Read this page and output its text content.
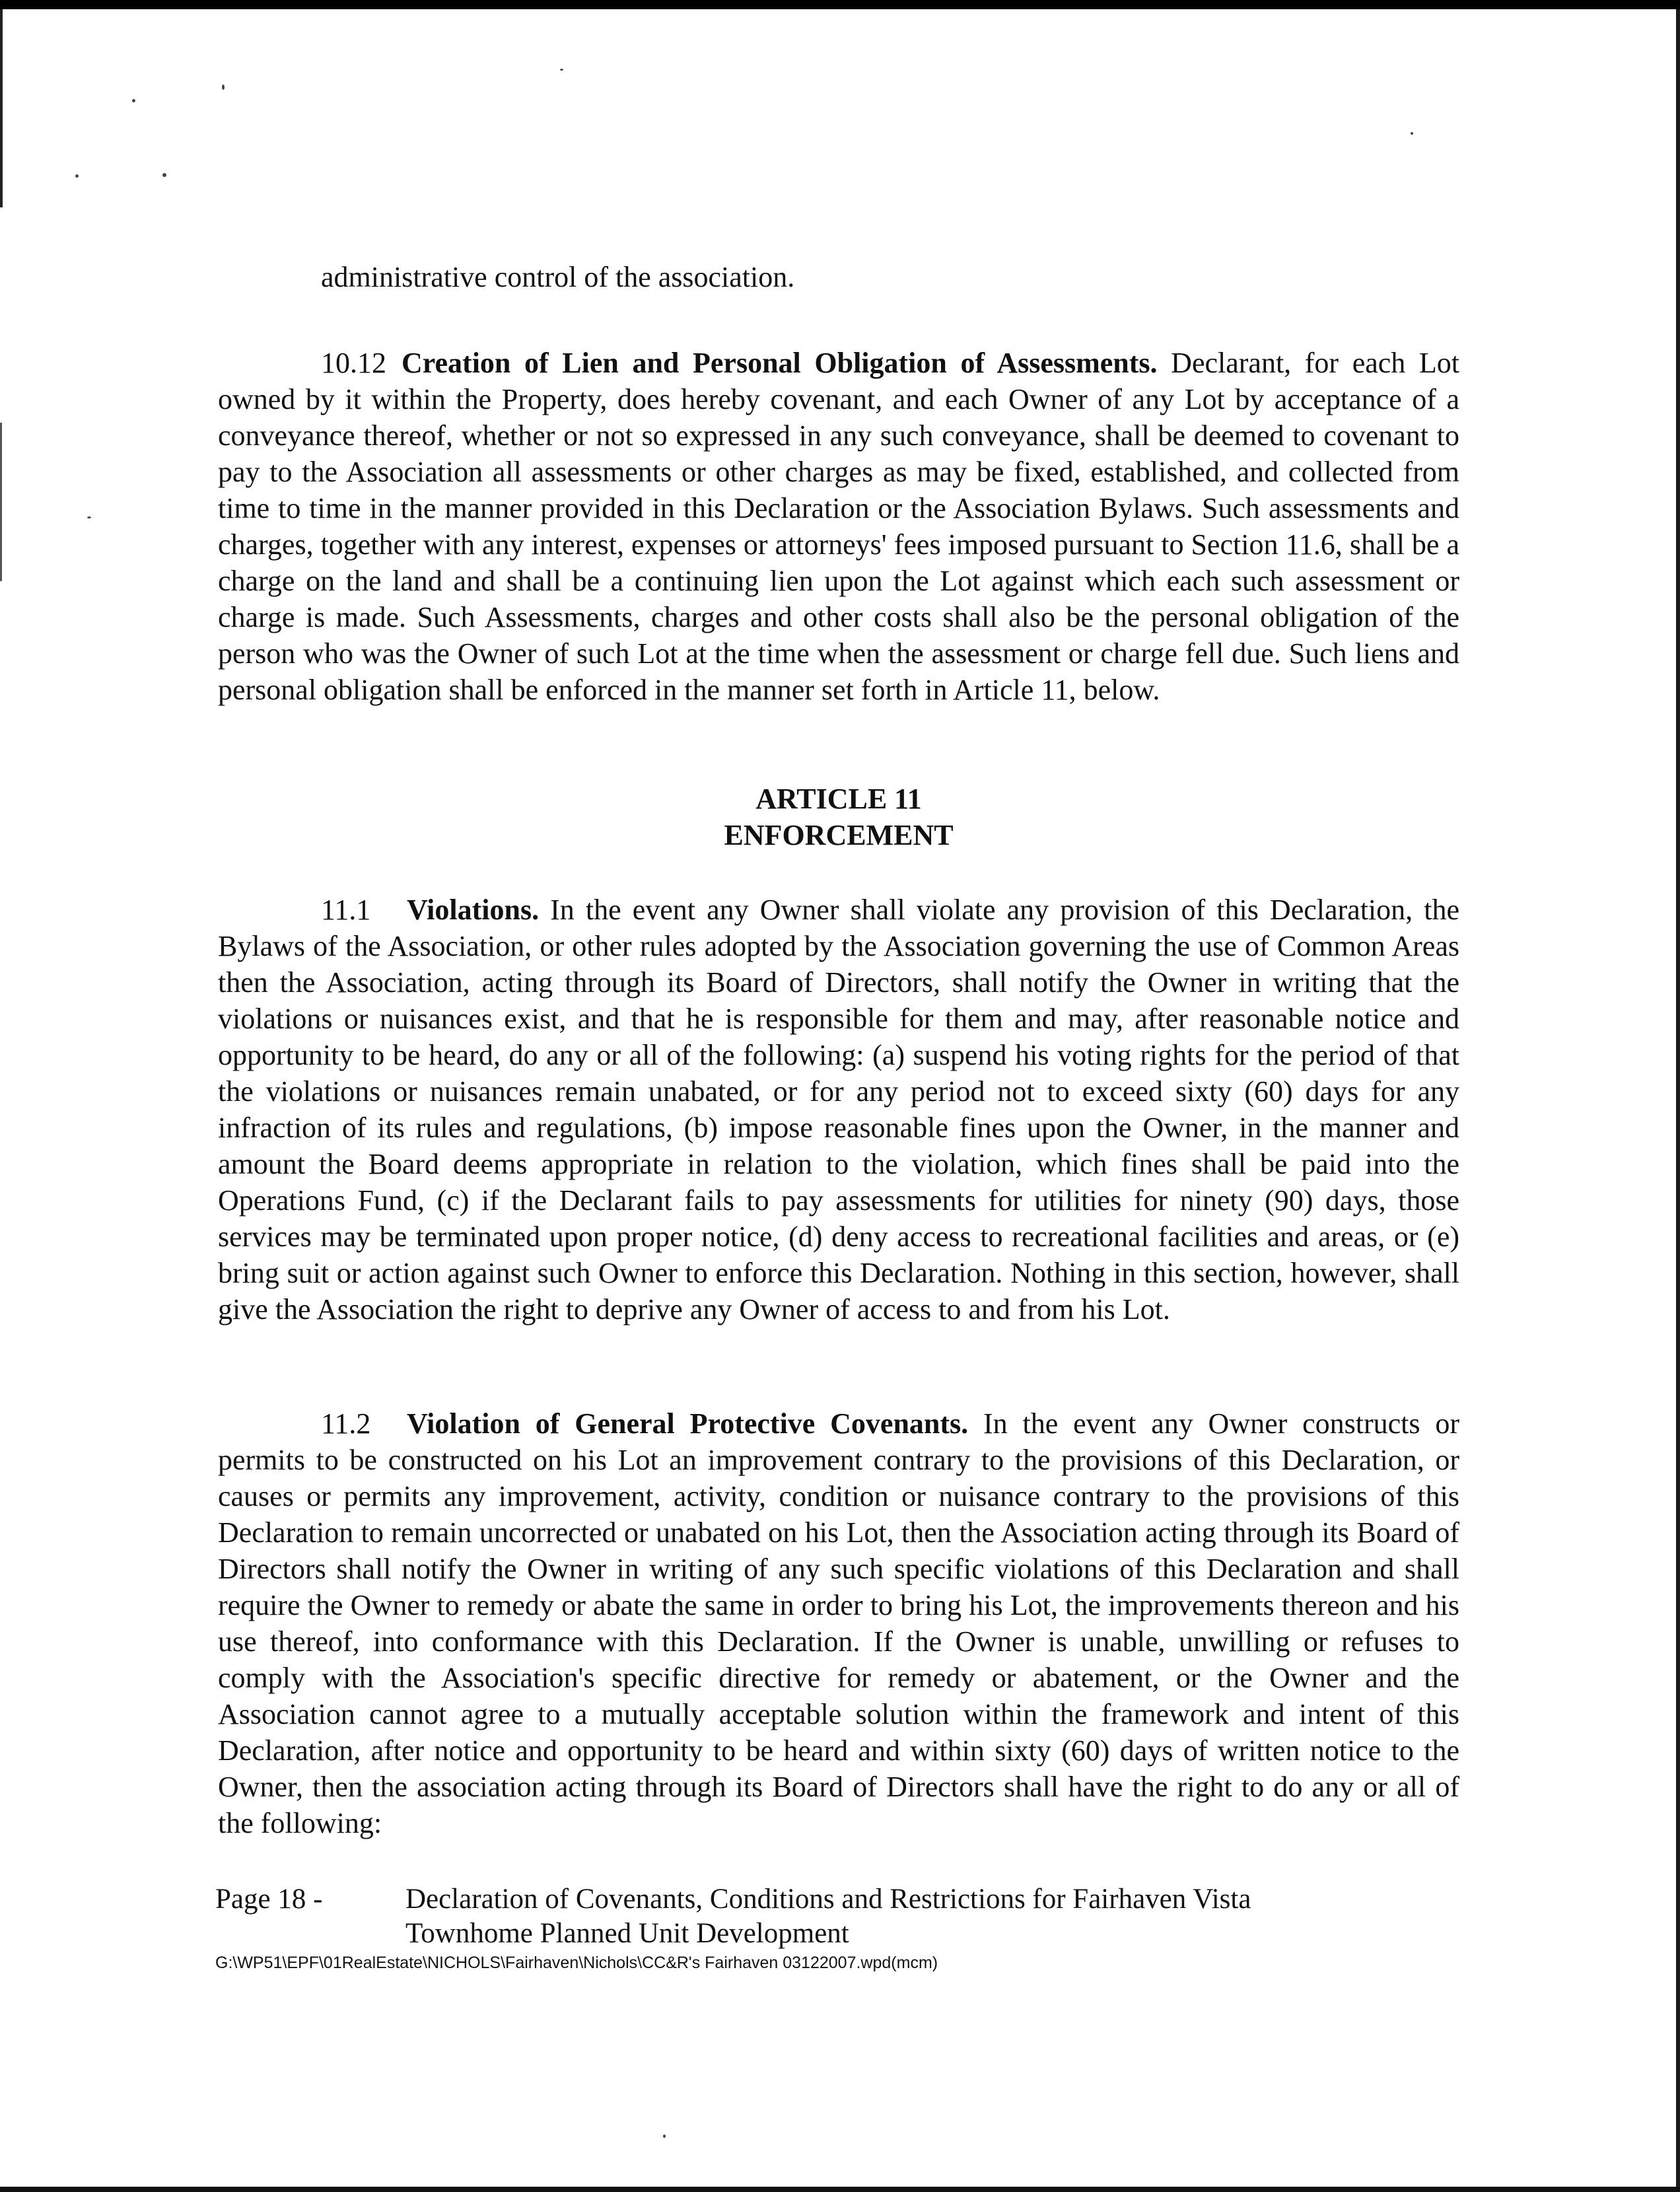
administrative control of the association.

10.12 Creation of Lien and Personal Obligation of Assessments. Declarant, for each Lot owned by it within the Property, does hereby covenant, and each Owner of any Lot by acceptance of a conveyance thereof, whether or not so expressed in any such conveyance, shall be deemed to covenant to pay to the Association all assessments or other charges as may be fixed, established, and collected from time to time in the manner provided in this Declaration or the Association Bylaws. Such assessments and charges, together with any interest, expenses or attorneys' fees imposed pursuant to Section 11.6, shall be a charge on the land and shall be a continuing lien upon the Lot against which each such assessment or charge is made. Such Assessments, charges and other costs shall also be the personal obligation of the person who was the Owner of such Lot at the time when the assessment or charge fell due. Such liens and personal obligation shall be enforced in the manner set forth in Article 11, below.

ARTICLE 11
ENFORCEMENT

11.1 Violations. In the event any Owner shall violate any provision of this Declaration, the Bylaws of the Association, or other rules adopted by the Association governing the use of Common Areas then the Association, acting through its Board of Directors, shall notify the Owner in writing that the violations or nuisances exist, and that he is responsible for them and may, after reasonable notice and opportunity to be heard, do any or all of the following: (a) suspend his voting rights for the period of that the violations or nuisances remain unabated, or for any period not to exceed sixty (60) days for any infraction of its rules and regulations, (b) impose reasonable fines upon the Owner, in the manner and amount the Board deems appropriate in relation to the violation, which fines shall be paid into the Operations Fund, (c) if the Declarant fails to pay assessments for utilities for ninety (90) days, those services may be terminated upon proper notice, (d) deny access to recreational facilities and areas, or (e) bring suit or action against such Owner to enforce this Declaration. Nothing in this section, however, shall give the Association the right to deprive any Owner of access to and from his Lot.

11.2 Violation of General Protective Covenants. In the event any Owner constructs or permits to be constructed on his Lot an improvement contrary to the provisions of this Declaration, or causes or permits any improvement, activity, condition or nuisance contrary to the provisions of this Declaration to remain uncorrected or unabated on his Lot, then the Association acting through its Board of Directors shall notify the Owner in writing of any such specific violations of this Declaration and shall require the Owner to remedy or abate the same in order to bring his Lot, the improvements thereon and his use thereof, into conformance with this Declaration. If the Owner is unable, unwilling or refuses to comply with the Association's specific directive for remedy or abatement, or the Owner and the Association cannot agree to a mutually acceptable solution within the framework and intent of this Declaration, after notice and opportunity to be heard and within sixty (60) days of written notice to the Owner, then the association acting through its Board of Directors shall have the right to do any or all of the following:

Page 18 -	Declaration of Covenants, Conditions and Restrictions for Fairhaven Vista
Townhome Planned Unit Development
G:\WP51\EPF\01RealEstate\NICHOLS\Fairhaven\Nichols\CC&R's Fairhaven 03122007.wpd(mcm)
